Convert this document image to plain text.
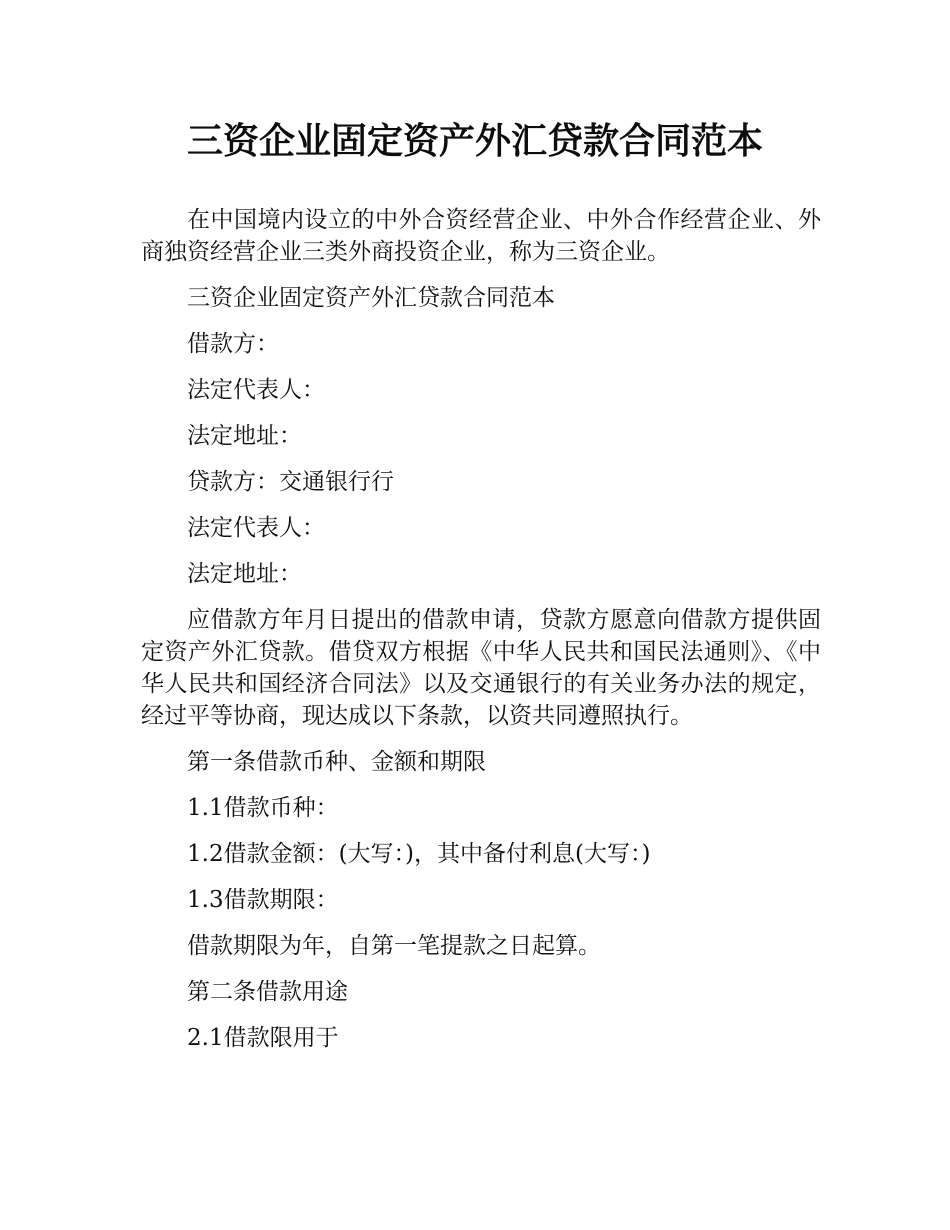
三资企业固定资产外汇贷款合同范本

在中国境内设立的中外合资经营企业、中外合作经营企业、外商独资经营企业三类外商投资企业，称为三资企业。

三资企业固定资产外汇贷款合同范本

借款方：

法定代表人：

法定地址：

贷款方：交通银行行

法定代表人：

法定地址：

应借款方年月日提出的借款申请，贷款方愿意向借款方提供固定资产外汇贷款。借贷双方根据《中华人民共和国民法通则》、《中华人民共和国经济合同法》以及交通银行的有关业务办法的规定，经过平等协商，现达成以下条款，以资共同遵照执行。

第一条借款币种、金额和期限

1.1借款币种：

1.2借款金额：(大写：)，其中备付利息(大写：)

1.3借款期限：

借款期限为年，自第一笔提款之日起算。

第二条借款用途

2.1借款限用于
